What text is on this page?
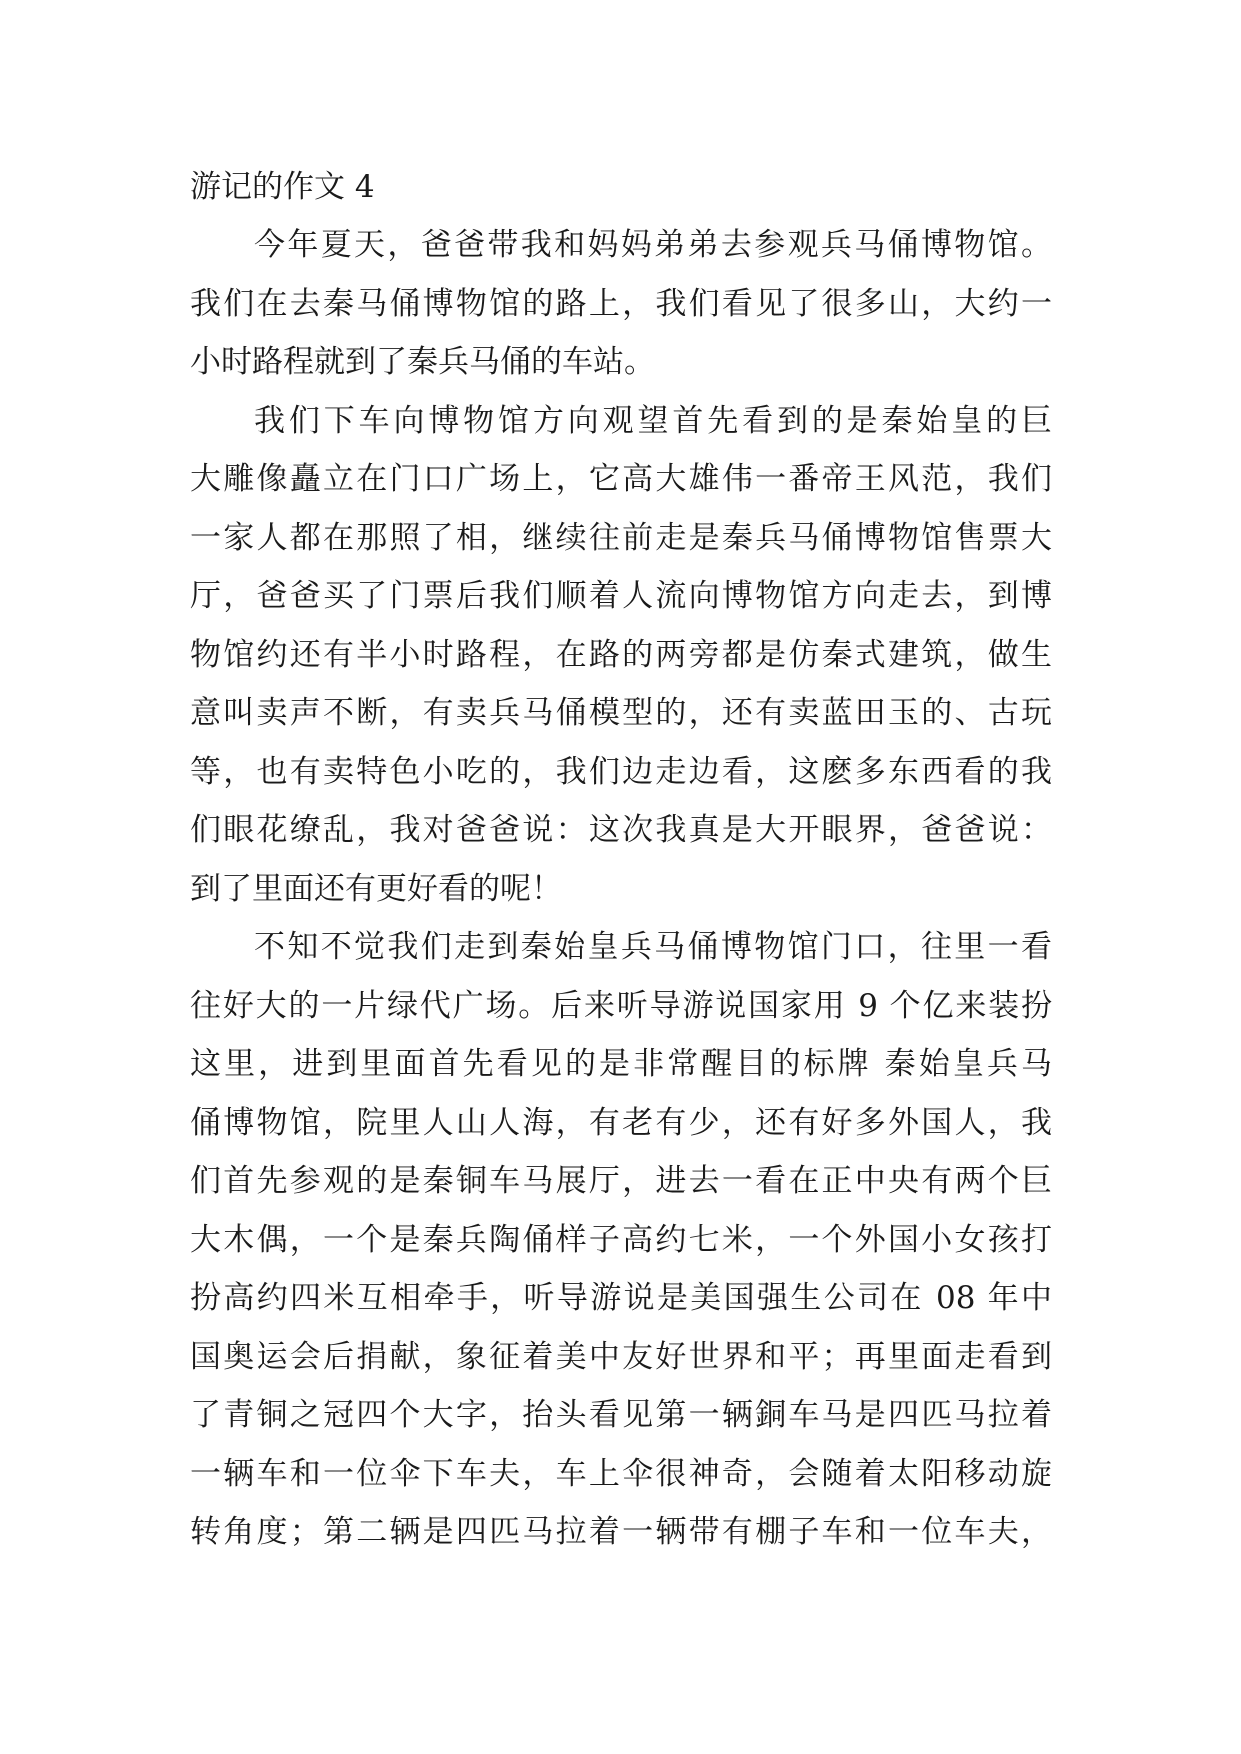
游记的作文 4
今年夏天，爸爸带我和妈妈弟弟去参观兵马俑博物馆。
我们在去秦马俑博物馆的路上，我们看见了很多山，大约一
小时路程就到了秦兵马俑的车站。
我们下车向博物馆方向观望首先看到的是秦始皇的巨
大雕像矗立在门口广场上，它高大雄伟一番帝王风范，我们
一家人都在那照了相，继续往前走是秦兵马俑博物馆售票大
厅，爸爸买了门票后我们顺着人流向博物馆方向走去，到博
物馆约还有半小时路程，在路的两旁都是仿秦式建筑，做生
意叫卖声不断，有卖兵马俑模型的，还有卖蓝田玉的、古玩
等，也有卖特色小吃的，我们边走边看，这麽多东西看的我
们眼花缭乱，我对爸爸说：这次我真是大开眼界，爸爸说：
到了里面还有更好看的呢！
不知不觉我们走到秦始皇兵马俑博物馆门口，往里一看
往好大的一片绿代广场。后来听导游说国家用 9 个亿来装扮
这里，进到里面首先看见的是非常醒目的标牌 秦始皇兵马
俑博物馆，院里人山人海，有老有少，还有好多外国人，我
们首先参观的是秦铜车马展厅，进去一看在正中央有两个巨
大木偶，一个是秦兵陶俑样子高约七米，一个外国小女孩打
扮高约四米互相牵手，听导游说是美国强生公司在 08 年中
国奥运会后捐献，象征着美中友好世界和平；再里面走看到
了青铜之冠四个大字，抬头看见第一辆銅车马是四匹马拉着
一辆车和一位伞下车夫，车上伞很神奇，会随着太阳移动旋
转角度；第二辆是四匹马拉着一辆带有棚子车和一位车夫，
